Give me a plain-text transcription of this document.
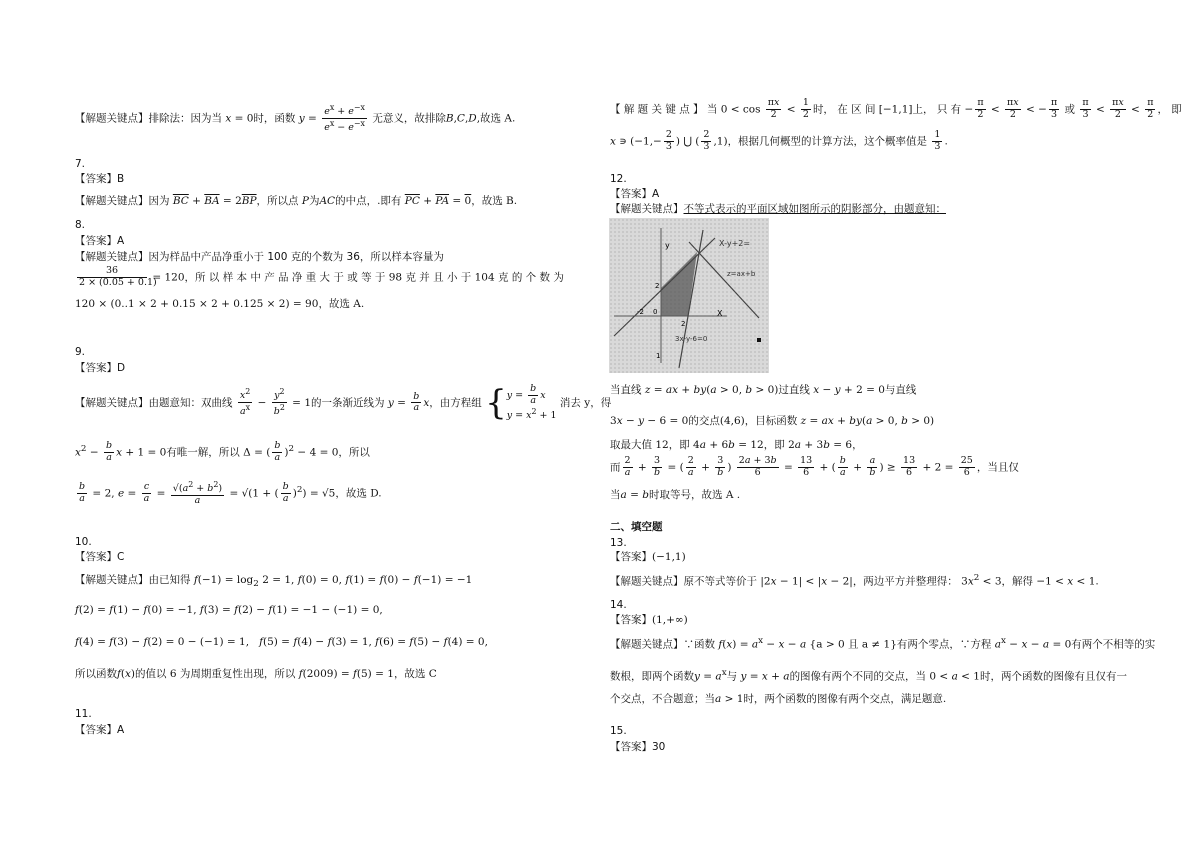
【解题关键点】排除法：因为当 x = 0时，函数 $y = \frac{e^x + e^{-x}}{e^x - e^{-x}}$ 无意义，故排除B,C,D,故选 A.
7.
【答案】B
【解题关键点】因为 $\overline{BC} + \overline{BA} = 2\overline{BP}$，所以点 P为AC的中点，.即有 $\overline{PC} + \overline{PA} = 0$，故选 B.
8.
【答案】A
【解题关键点】因为样品中产品净重小于 100 克的个数为 36，所以样本容量为
$\frac{36}{2 \times (0.05 + 0.1)} = 120$，所 以 样 本 中 产 品 净 重 大 于 或 等 于 98 克 并 且 小 于 104 克 的 个 数 为
120 × (0..1 × 2 + 0.15 × 2 + 0.125 × 2) = 90，故选 A.
9.
【答案】D
【解题关键点】由题意知：双曲线 $\frac{x^2}{a^x} - \frac{y^2}{b^2} = 1$的一条渐近线为 $y = \frac{b}{a}$ x，由方程组 {$y = \frac{b}{a}$ x
$y = x^2 + 1$ 消去 y，得
$x^2 - \frac{b}{a}$ x + 1 = 0有唯一解，所以 Δ = ( $\frac{b}{a} )^2 - 4 = 0$，所以
$\frac{b}{a} = 2$, $e = \frac{c}{a} = \frac{√(a^2 + b^2)}{a} = √(1$ + ( $\frac{b}{a} )^2) = √5$，故选 D.
10.
【答案】C
【解题关键点】由已知得 $f(-1) = \log_2 2 = 1$, f(0) = 0, f(1) = f(0) − f(−1) = −1
f(2) = f(1) − f(0) = −1, f(3) = f(2) − f(1) = −1 − (−1) = 0,
f(4) = f(3) − f(2) = 0 − (−1) = 1,   f(5) = f(4) − f(3) = 1, f(6) = f(5) − f(4) = 0,
所以函数f(x)的值以 6 为周期重复性出现，所以 f(2009) = f(5) = 1，故选 C
11.
【答案】A
【 解 题 关 键 点 】 当 $0 < \cos \frac{\pi x}{2} < \frac{1}{2}$ 时， 在 区 间 [−1,1]上， 只 有 − $\frac{\pi}{2} < \frac{\pi x}{2}$ < − $\frac{\pi}{3}$ 或 $\frac{\pi}{3} < \frac{\pi x}{2} < \frac{\pi}{2}$ ， 即
x ∍ ($-1,- \frac{2}{3}$ ) ⋃ ( $\frac{2}{3} ,1$)，根据几何概型的计算方法，这个概率值是 $\frac{1}{3}$ .
12.
【答案】A
【解题关键点】不等式表示的平面区域如图所示的阴影部分，由题意知：
y
X
X-y+2=
z=ax+b
3x-y-6=0
2
-2 0
2
1
当直线 z = ax + by(a > 0, b > 0)过直线 x − y + 2 = 0与直线
3x − y − 6 = 0的交点(4,6)，目标函数 z = ax + by(a > 0, b > 0)
取最大值 12，即 4a + 6b = 12，即 2a + 3b = 6，
而 $\frac{2}{a} + \frac{3}{b}$ = ( $\frac{2}{a} + \frac{3}{b}$ ) $\frac{2a + 3b}{6} = \frac{13}{6}$ + ( $\frac{b}{a} + \frac{a}{b}$ ) ≥ $\frac{13}{6} + 2 = \frac{25}{6}$ ，当且仅
当a = b时取等号，故选 A .
二、填空题
13.
【答案】(−1,1)
【解题关键点】原不等式等价于 |2x − 1| < |x − 2|，两边平方并整理得： $3x^2 < 3$，解得 −1 < x < 1.
14.
【答案】(1,+∞)
【解题关键点】∵函数 $f(x) = a^x - x - a$ {a > 0 且 a ≠ 1}有两个零点，∵方程 $a^x - x - a = 0$有两个不相等的实
数根，即两个函数$y = a^x$与 y = x + a的图像有两个不同的交点，当 0 < a < 1时，两个函数的图像有且仅有一
个交点，不合题意；当a > 1时，两个函数的图像有两个交点，满足题意.
15.
【答案】30
